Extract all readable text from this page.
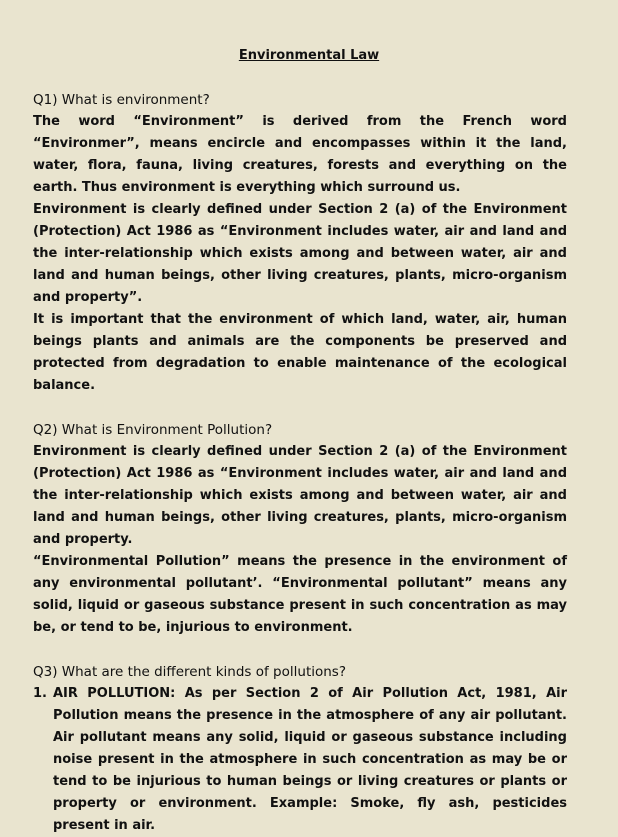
Environmental Law

Q1) What is environment?

The word “Environment” is derived from the French word “Environmer”, means encircle and encompasses within it the land, water, flora, fauna, living creatures, forests and everything on the earth. Thus environment is everything which surround us.

Environment is clearly defined under Section 2 (a) of the Environment (Protection) Act 1986 as “Environment includes water, air and land and the inter-relationship which exists among and between water, air and land and human beings, other living creatures, plants, micro-organism and property”.

It is important that the environment of which land, water, air, human beings plants and animals are the components be preserved and protected from degradation to enable maintenance of the ecological balance.

Q2) What is Environment Pollution?

Environment is clearly defined under Section 2 (a) of the Environment (Protection) Act 1986 as “Environment includes water, air and land and the inter-relationship which exists among and between water, air and land and human beings, other living creatures, plants, micro-organism and property.

“Environmental Pollution” means the presence in the environment of any environmental pollutant’. “Environmental pollutant” means any solid, liquid or gaseous substance present in such concentration as may be, or tend to be, injurious to environment.

Q3) What are the different kinds of pollutions?

1. AIR POLLUTION: As per Section 2 of Air Pollution Act, 1981, Air Pollution means the presence in the atmosphere of any air pollutant. Air pollutant means any solid, liquid or gaseous substance including noise present in the atmosphere in such concentration as may be or tend to be injurious to human beings or living creatures or plants or property or environment. Example: Smoke, fly ash, pesticides present in air.
